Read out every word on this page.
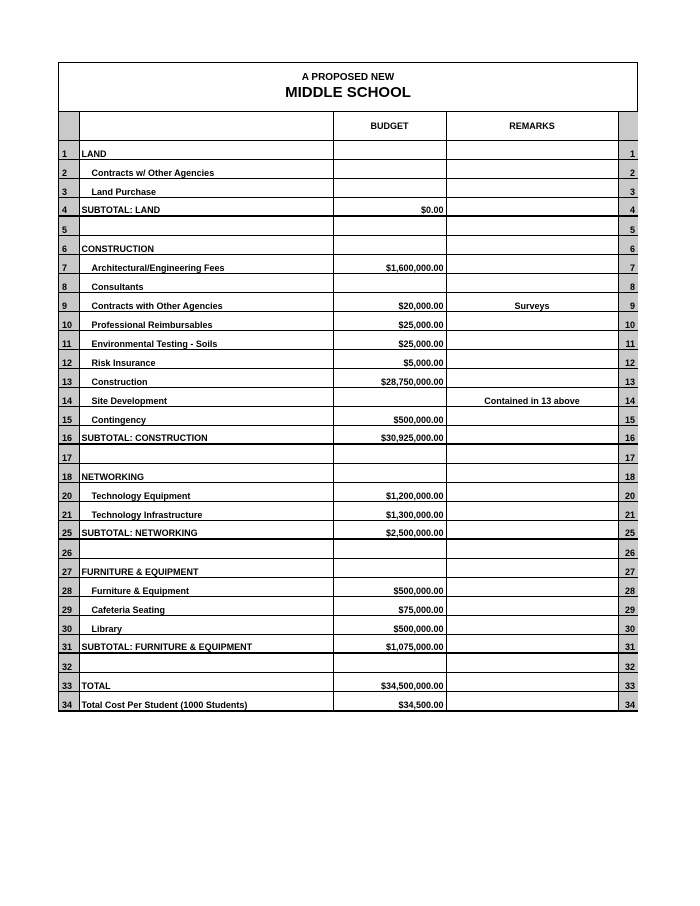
A PROPOSED NEW
MIDDLE SCHOOL
		BUDGET	REMARKS	
1	LAND			1
2	Contracts w/ Other Agencies			2
3	Land Purchase			3
4	SUBTOTAL: LAND	$0.00		4
5				5
6	CONSTRUCTION			6
7	Architectural/Engineering Fees	$1,600,000.00		7
8	Consultants			8
9	Contracts with Other Agencies	$20,000.00	Surveys	9
10	Professional Reimbursables	$25,000.00		10
11	Environmental Testing - Soils	$25,000.00		11
12	Risk Insurance	$5,000.00		12
13	Construction	$28,750,000.00		13
14	Site Development		Contained in 13 above	14
15	Contingency	$500,000.00		15
16	SUBTOTAL: CONSTRUCTION	$30,925,000.00		16
17				17
18	NETWORKING			18
20	Technology Equipment	$1,200,000.00		20
21	Technology Infrastructure	$1,300,000.00		21
25	SUBTOTAL: NETWORKING	$2,500,000.00		25
26				26
27	FURNITURE & EQUIPMENT			27
28	Furniture & Equipment	$500,000.00		28
29	Cafeteria Seating	$75,000.00		29
30	Library	$500,000.00		30
31	SUBTOTAL: FURNITURE & EQUIPMENT	$1,075,000.00		31
32				32
33	TOTAL	$34,500,000.00		33
34	Total Cost Per Student (1000 Students)	$34,500.00		34
